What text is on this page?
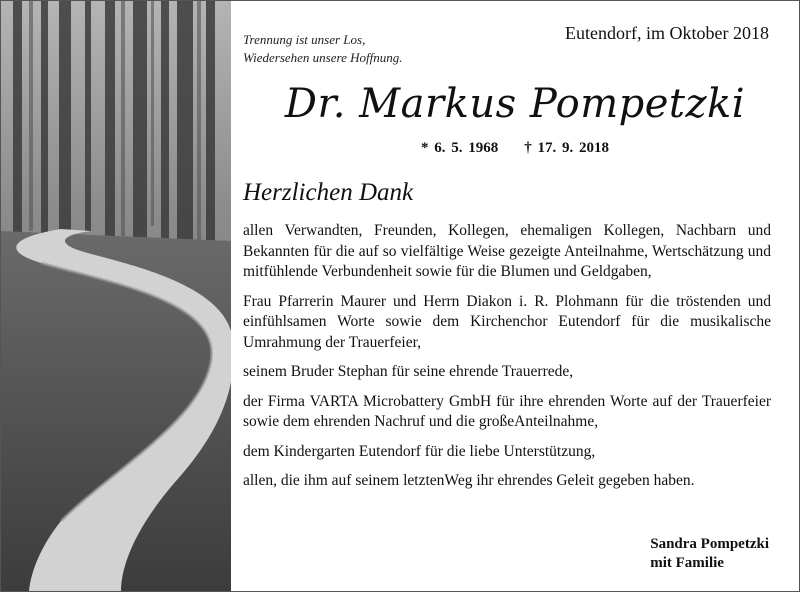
Trennung ist unser Los,
Wiedersehen unsere Hoffnung.
Eutendorf, im Oktober 2018
Dr. Markus Pompetzki
* 6. 5. 1968 † 17. 9. 2018
Herzlichen Dank

allen Verwandten, Freunden, Kollegen, ehemaligen Kollegen, Nachbarn und Bekannten für die auf so vielfältige Weise gezeigte Anteilnahme, Wertschätzung und mitfühlende Verbundenheit sowie für die Blumen und Geldgaben,

Frau Pfarrerin Maurer und Herrn Diakon i. R. Plohmann für die tröstenden und einfühlsamen Worte sowie dem Kirchenchor Eutendorf für die musikalische Umrahmung der Trauerfeier,

seinem Bruder Stephan für seine ehrende Trauerrede,

der Firma VARTA Microbattery GmbH für ihre ehrenden Worte auf der Trauerfeier sowie dem ehrenden Nachruf und die großeAnteilnahme,

dem Kindergarten Eutendorf für die liebe Unterstützung,

allen, die ihm auf seinem letztenWeg ihr ehrendes Geleit gegeben haben.

Sandra Pompetzki
mit Familie
